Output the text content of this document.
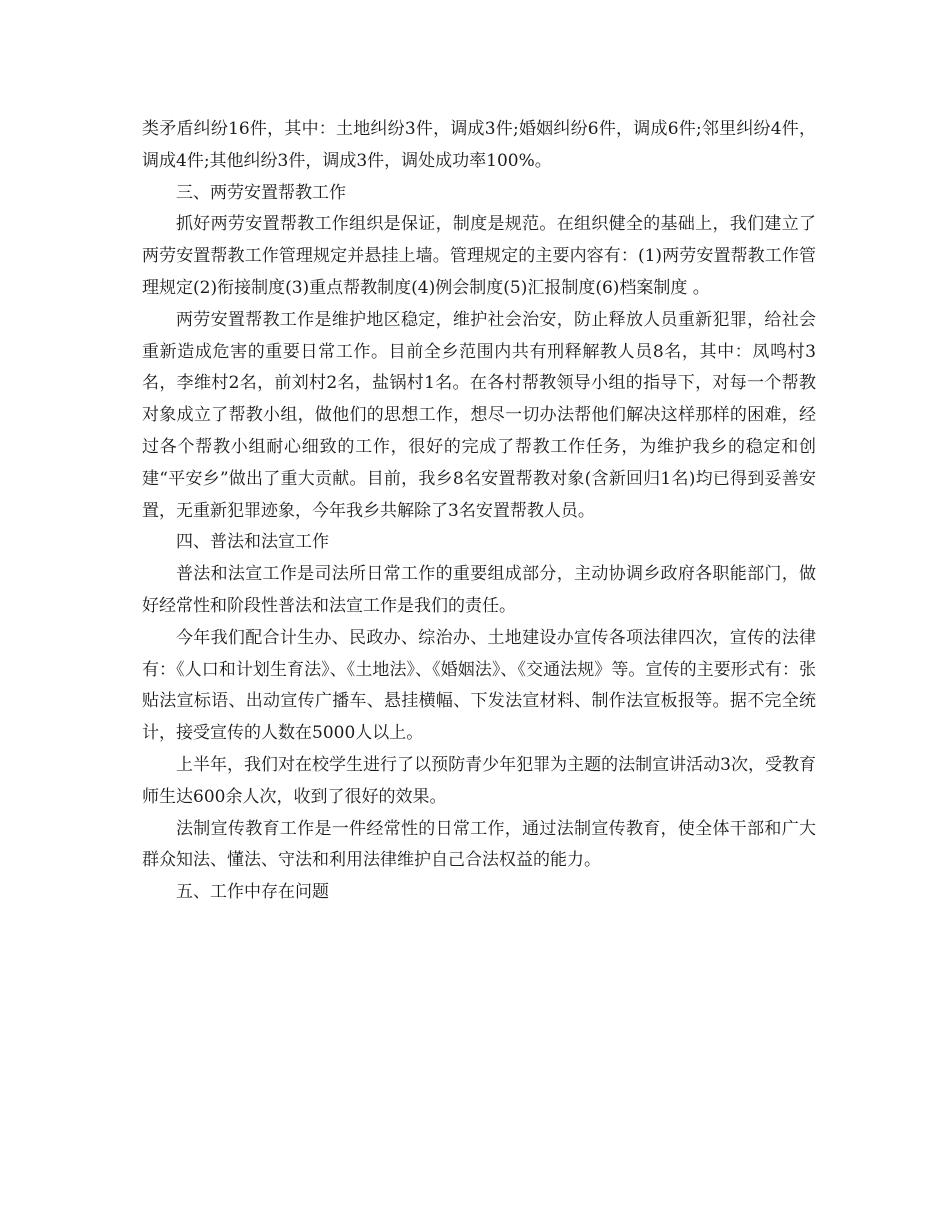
类矛盾纠纷16件，其中：土地纠纷3件，调成3件;婚姻纠纷6件，调成6件;邻里纠纷4件，调成4件;其他纠纷3件，调成3件，调处成功率100%。

三、两劳安置帮教工作

抓好两劳安置帮教工作组织是保证，制度是规范。在组织健全的基础上，我们建立了两劳安置帮教工作管理规定并悬挂上墙。管理规定的主要内容有：(1)两劳安置帮教工作管理规定(2)衔接制度(3)重点帮教制度(4)例会制度(5)汇报制度(6)档案制度 。

两劳安置帮教工作是维护地区稳定，维护社会治安，防止释放人员重新犯罪，给社会重新造成危害的重要日常工作。目前全乡范围内共有刑释解教人员8名，其中：凤鸣村3名，李维村2名，前刘村2名，盐锅村1名。在各村帮教领导小组的指导下，对每一个帮教对象成立了帮教小组，做他们的思想工作，想尽一切办法帮他们解决这样那样的困难，经过各个帮教小组耐心细致的工作，很好的完成了帮教工作任务，为维护我乡的稳定和创建“平安乡”做出了重大贡献。目前，我乡8名安置帮教对象(含新回归1名)均已得到妥善安置，无重新犯罪迹象，今年我乡共解除了3名安置帮教人员。

四、普法和法宣工作

普法和法宣工作是司法所日常工作的重要组成部分，主动协调乡政府各职能部门，做好经常性和阶段性普法和法宣工作是我们的责任。

今年我们配合计生办、民政办、综治办、土地建设办宣传各项法律四次，宣传的法律有：《人口和计划生育法》、《土地法》、《婚姻法》、《交通法规》等。宣传的主要形式有：张贴法宣标语、出动宣传广播车、悬挂横幅、下发法宣材料、制作法宣板报等。据不完全统计，接受宣传的人数在5000人以上。

上半年，我们对在校学生进行了以预防青少年犯罪为主题的法制宣讲活动3次，受教育师生达600余人次，收到了很好的效果。

法制宣传教育工作是一件经常性的日常工作，通过法制宣传教育，使全体干部和广大群众知法、懂法、守法和利用法律维护自己合法权益的能力。

五、工作中存在问题
